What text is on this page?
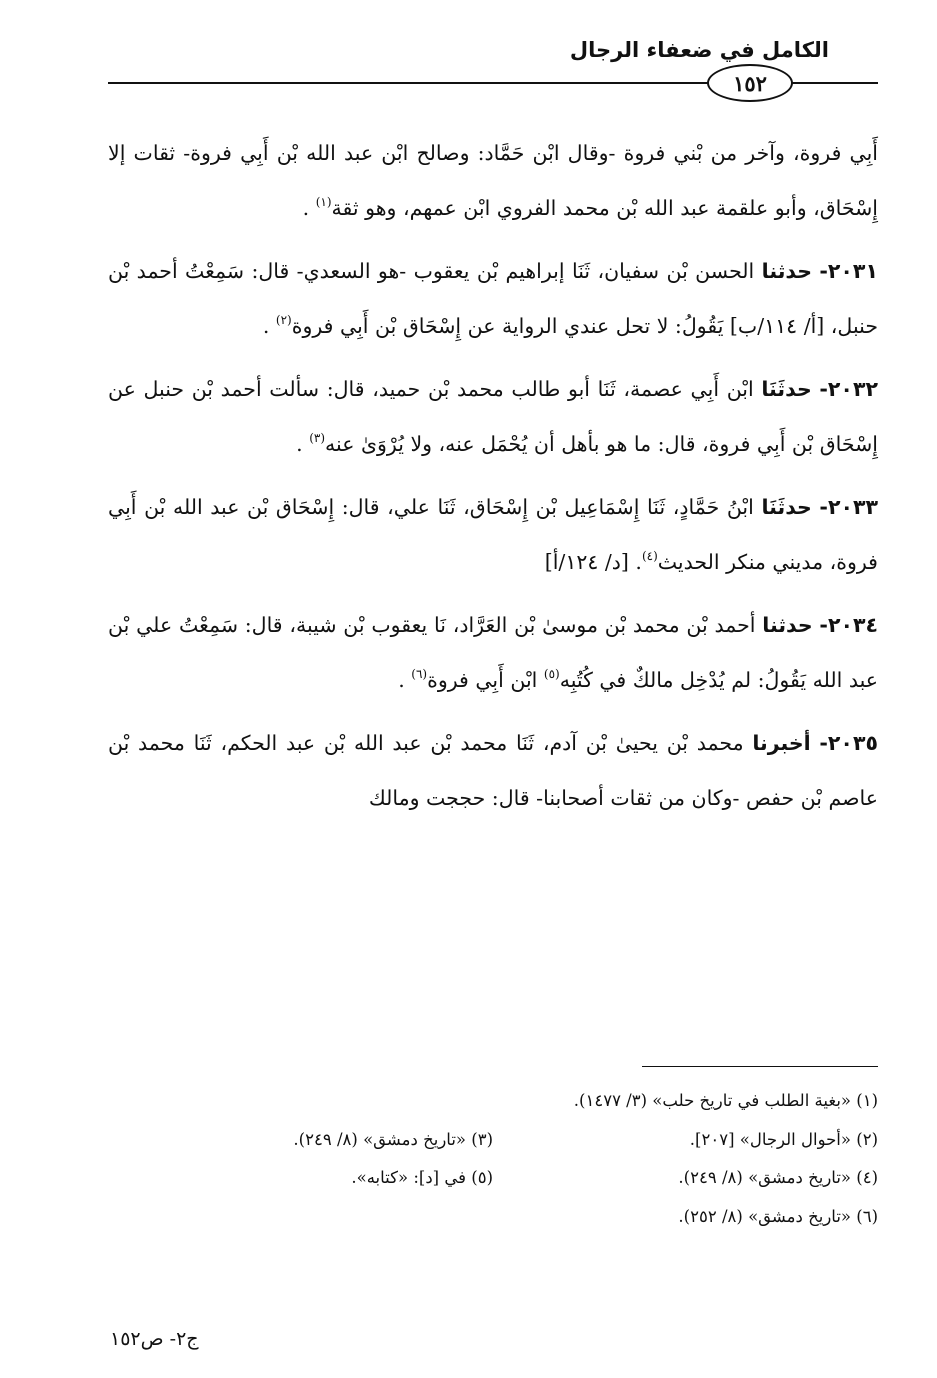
الكامل في ضعفاء الرجال
١٥٢

أَبِي فروة، وآخر من بْني فروة -وقال ابْن حَمَّاد: وصالح ابْن عبد الله بْن أَبِي فروة- ثقات إلا إِسْحَاق، وأبو علقمة عبد الله بْن محمد الفروي ابْن عمهم، وهو ثقة$^{(١)}$ .

٢٠٣١- حدثنا الحسن بْن سفيان، ثَنَا إبراهيم بْن يعقوب -هو السعدي- قال: سَمِعْتُ أحمد بْن حنبل، [أ/ ١١٤/ب] يَقُولُ: لا تحل عندي الرواية عن إِسْحَاق بْن أَبِي فروة$^{(٢)}$ .

٢٠٣٢- حدثَنَا ابْن أَبِي عصمة، ثَنَا أبو طالب محمد بْن حميد، قال: سألت أحمد بْن حنبل عن إِسْحَاق بْن أَبِي فروة، قال: ما هو بأهل أن يُحْمَل عنه، ولا يُرْوَىٰ عنه$^{(٣)}$ .

٢٠٣٣- حدثَنَا ابْنُ حَمَّادٍ، ثَنَا إِسْمَاعِيل بْن إِسْحَاق، ثَنَا علي، قال: إِسْحَاق بْن عبد الله بْن أَبِي فروة، مديني منكر الحديث$^{(٤)}$. [د/ ١٢٤/أ]

٢٠٣٤- حدثنا أحمد بْن محمد بْن موسىٰ بْن العَرَّاد، نَا يعقوب بْن شيبة، قال: سَمِعْتُ علي بْن عبد الله يَقُولُ: لم يُدْخِل مالكٌ في كُتُبِه$^{(٥)}$ ابْن أَبِي فروة$^{(٦)}$ .

٢٠٣٥- أخبرنا محمد بْن يحيىٰ بْن آدم، ثَنَا محمد بْن عبد الله بْن عبد الحكم، ثَنَا محمد بْن عاصم بْن حفص -وكان من ثقات أصحابنا- قال: حججت ومالك

(١) «بغية الطلب في تاريخ حلب» (٣/ ١٤٧٧).
(٢) «أحوال الرجال» [٢٠٧].
(٣) «تاريخ دمشق» (٨/ ٢٤٩).
(٤) «تاريخ دمشق» (٨/ ٢٤٩).
(٥) في [د]: «كتابه».
(٦) «تاريخ دمشق» (٨/ ٢٥٢).
ج٢- ص١٥٢
